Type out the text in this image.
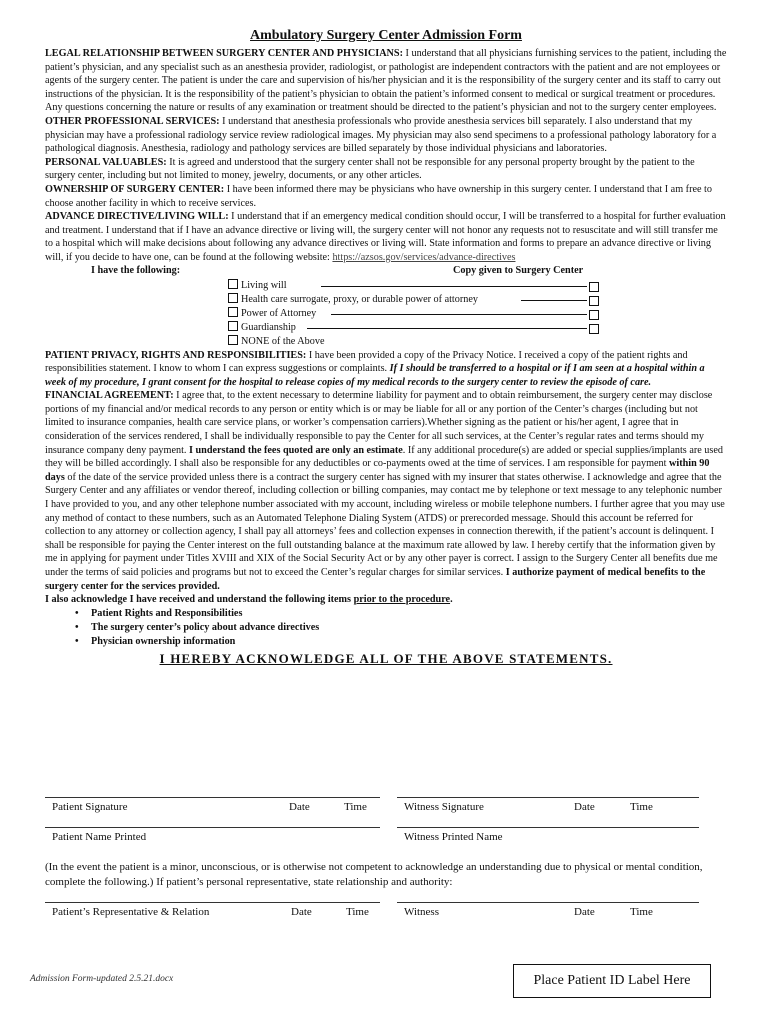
Ambulatory Surgery Center Admission Form

LEGAL RELATIONSHIP BETWEEN SURGERY CENTER AND PHYSICIANS: I understand that all physicians furnishing services to the patient, including the patient’s physician, and any specialist such as an anesthesia provider, radiologist, or pathologist are independent contractors with the patient and are not employees or agents of the surgery center. The patient is under the care and supervision of his/her physician and it is the responsibility of the surgery center and its staff to carry out instructions of the physician. It is the responsibility of the patient’s physician to obtain the patient’s informed consent to medical or surgical treatment or procedures. Any questions concerning the nature or results of any examination or treatment should be directed to the patient’s physician and not to the surgery center employees.

OTHER PROFESSIONAL SERVICES: I understand that anesthesia professionals who provide anesthesia services bill separately. I also understand that my physician may have a professional radiology service review radiological images. My physician may also send specimens to a professional pathology laboratory for a pathological diagnosis. Anesthesia, radiology and pathology services are billed separately by those individual physicians and laboratories.

PERSONAL VALUABLES: It is agreed and understood that the surgery center shall not be responsible for any personal property brought by the patient to the surgery center, including but not limited to money, jewelry, documents, or any other articles.

OWNERSHIP OF SURGERY CENTER: I have been informed there may be physicians who have ownership in this surgery center. I understand that I am free to choose another facility in which to receive services.

ADVANCE DIRECTIVE/LIVING WILL: I understand that if an emergency medical condition should occur, I will be transferred to a hospital for further evaluation and treatment. I understand that if I have an advance directive or living will, the surgery center will not honor any requests not to resuscitate and will still transfer me to a hospital which will make decisions about following any advance directives or living will. State information and forms to prepare an advance directive or living will, if you decide to have one, can be found at the following website: https://azsos.gov/services/advance-directives

I have the following:	Copy given to Surgery Center
Living will
Health care surrogate, proxy, or durable power of attorney
Power of Attorney
Guardianship
NONE of the Above

PATIENT PRIVACY, RIGHTS AND RESPONSIBILITIES: I have been provided a copy of the Privacy Notice. I received a copy of the patient rights and responsibilities statement. I know to whom I can express suggestions or complaints. If I should be transferred to a hospital or if I am seen at a hospital within a week of my procedure, I grant consent for the hospital to release copies of my medical records to the surgery center to review the episode of care.

FINANCIAL AGREEMENT: I agree that, to the extent necessary to determine liability for payment and to obtain reimbursement, the surgery center may disclose portions of my financial and/or medical records to any person or entity which is or may be liable for all or any portion of the Center’s charges (including but not limited to insurance companies, health care service plans, or worker’s compensation carriers).Whether signing as the patient or his/her agent, I agree that in consideration of the services rendered, I shall be individually responsible to pay the Center for all such services, at the Center’s regular rates and terms should my insurance company deny payment. I understand the fees quoted are only an estimate. If any additional procedure(s) are added or special supplies/implants are used they will be billed accordingly. I shall also be responsible for any deductibles or co-payments owed at the time of services. I am responsible for payment within 90 days of the date of the service provided unless there is a contract the surgery center has signed with my insurer that states otherwise. I acknowledge and agree that the Surgery Center and any affiliates or vendor thereof, including collection or billing companies, may contact me by telephone or text message to any telephonic number I have provided to you, and any other telephone number associated with my account, including wireless or mobile telephone numbers. I further agree that you may use any method of contact to these numbers, such as an Automated Telephone Dialing System (ATDS) or prerecorded message. Should this account be referred for collection to any attorney or collection agency, I shall pay all attorneys’ fees and collection expenses in connection therewith, if the patient’s account is delinquent. I shall be responsible for paying the Center interest on the full outstanding balance at the maximum rate allowed by law. I hereby certify that the information given by me in applying for payment under Titles XVIII and XIX of the Social Security Act or by any other payer is correct. I assign to the Surgery Center all benefits due me under the terms of said policies and programs but not to exceed the Center’s regular charges for similar services. I authorize payment of medical benefits to the surgery center for the services provided.

I also acknowledge I have received and understand the following items prior to the procedure.

• Patient Rights and Responsibilities
• The surgery center’s policy about advance directives
• Physician ownership information
I HEREBY ACKNOWLEDGE ALL OF THE ABOVE STATEMENTS.
Patient Signature	Date	Time	Witness Signature	Date	Time
Patient Name Printed	Witness Printed Name

(In the event the patient is a minor, unconscious, or is otherwise not competent to acknowledge an understanding due to physical or mental condition, complete the following.) If patient’s personal representative, state relationship and authority:

Patient’s Representative & Relation	Date	Time	Witness	Date	Time
Admission Form-updated 2.5.21.docx	Place Patient ID Label Here
